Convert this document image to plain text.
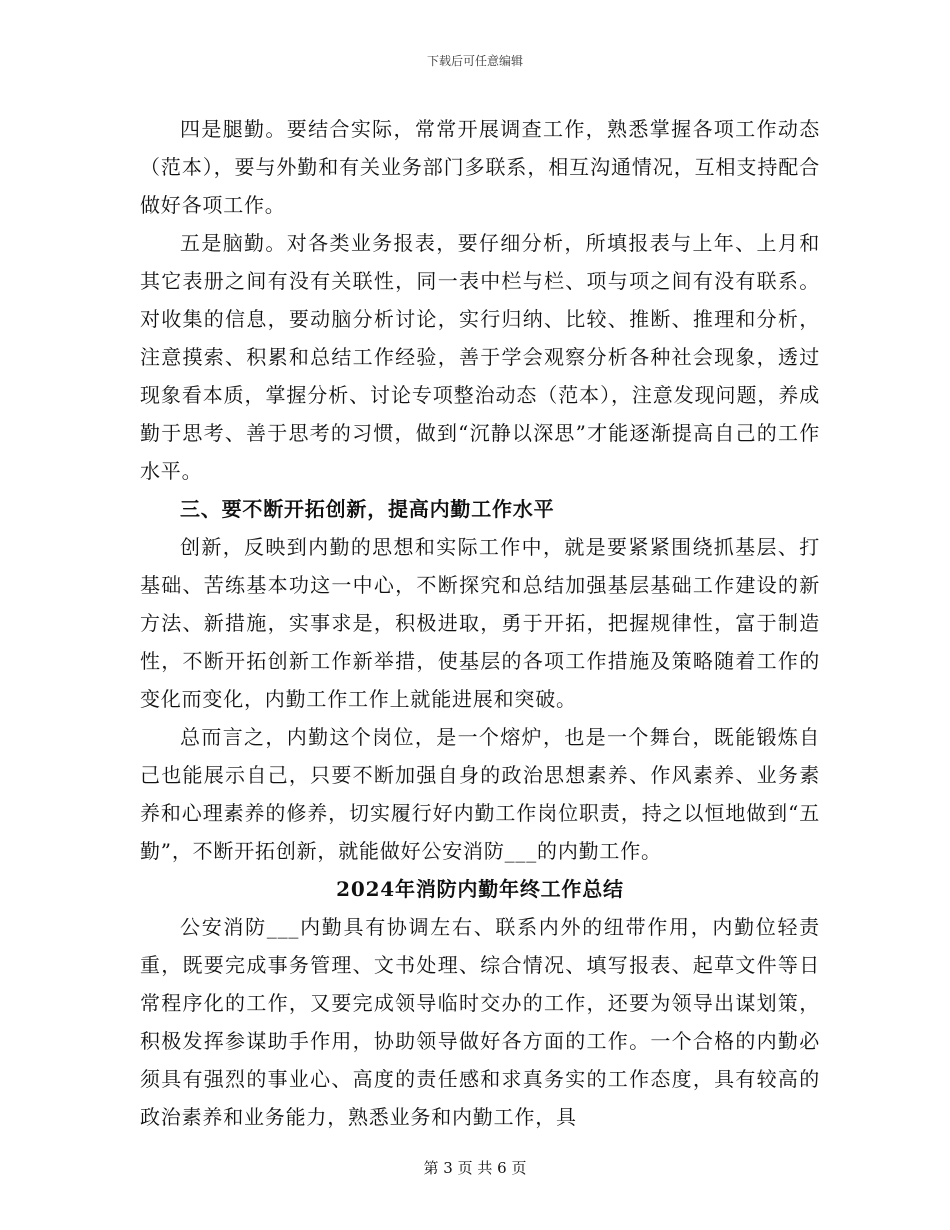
下载后可任意编辑

四是腿勤。要结合实际，常常开展调查工作，熟悉掌握各项工作动态（范本），要与外勤和有关业务部门多联系，相互沟通情况，互相支持配合做好各项工作。

五是脑勤。对各类业务报表，要仔细分析，所填报表与上年、上月和其它表册之间有没有关联性，同一表中栏与栏、项与项之间有没有联系。对收集的信息，要动脑分析讨论，实行归纳、比较、推断、推理和分析，注意摸索、积累和总结工作经验，善于学会观察分析各种社会现象，透过现象看本质，掌握分析、讨论专项整治动态（范本），注意发现问题，养成勤于思考、善于思考的习惯，做到“沉静以深思”才能逐渐提高自己的工作水平。

三、要不断开拓创新，提高内勤工作水平

创新，反映到内勤的思想和实际工作中，就是要紧紧围绕抓基层、打基础、苦练基本功这一中心，不断探究和总结加强基层基础工作建设的新方法、新措施，实事求是，积极进取，勇于开拓，把握规律性，富于制造性，不断开拓创新工作新举措，使基层的各项工作措施及策略随着工作的变化而变化，内勤工作工作上就能进展和突破。

总而言之，内勤这个岗位，是一个熔炉，也是一个舞台，既能锻炼自己也能展示自己，只要不断加强自身的政治思想素养、作风素养、业务素养和心理素养的修养，切实履行好内勤工作岗位职责，持之以恒地做到“五勤”，不断开拓创新，就能做好公安消防___的内勤工作。

2024年消防内勤年终工作总结

公安消防___内勤具有协调左右、联系内外的纽带作用，内勤位轻责重，既要完成事务管理、文书处理、综合情况、填写报表、起草文件等日常程序化的工作，又要完成领导临时交办的工作，还要为领导出谋划策，积极发挥参谋助手作用，协助领导做好各方面的工作。一个合格的内勤必须具有强烈的事业心、高度的责任感和求真务实的工作态度，具有较高的政治素养和业务能力，熟悉业务和内勤工作，具

第 3 页 共 6 页
